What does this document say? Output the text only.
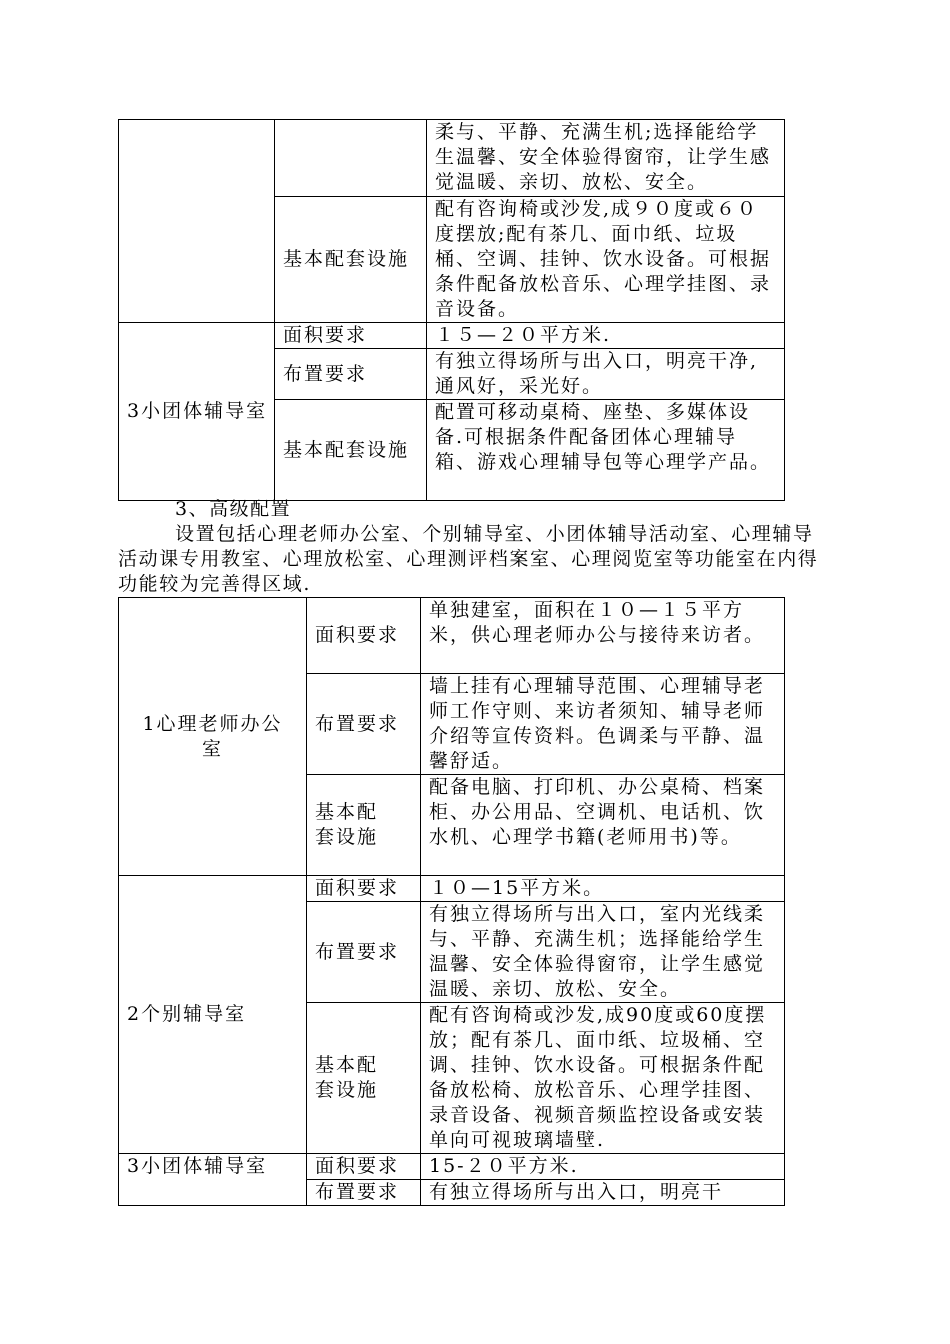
		柔与、平静、充满生机;选择能给学生温馨、安全体验得窗帘，让学生感觉温暖、亲切、放松、安全。
	基本配套设施	配有咨询椅或沙发,成９０度或６０度摆放;配有茶几、面巾纸、垃圾桶、空调、挂钟、饮水设备。可根据条件配备放松音乐、心理学挂图、录音设备。
3小团体辅导室	面积要求	１５—２０平方米.
	布置要求	有独立得场所与出入口，明亮干净,通风好，采光好。
	基本配套设施	配置可移动桌椅、座垫、多媒体设备.可根据条件配备团体心理辅导箱、游戏心理辅导包等心理学产品。
3、高级配置
设置包括心理老师办公室、个别辅导室、小团体辅导活动室、心理辅导活动课专用教室、心理放松室、心理测评档案室、心理阅览室等功能室在内得功能较为完善得区域.
1心理老师办公室	面积要求	单独建室，面积在１０—１５平方米，供心理老师办公与接待来访者。
	布置要求	墙上挂有心理辅导范围、心理辅导老师工作守则、来访者须知、辅导老师介绍等宣传资料。色调柔与平静、温馨舒适。
	基本配套设施	配备电脑、打印机、办公桌椅、档案柜、办公用品、空调机、电话机、饮水机、心理学书籍(老师用书)等。
2个别辅导室	面积要求	１０—15平方米。
	布置要求	有独立得场所与出入口，室内光线柔与、平静、充满生机；选择能给学生温馨、安全体验得窗帘，让学生感觉温暖、亲切、放松、安全。
	基本配套设施	配有咨询椅或沙发,成90度或60度摆放；配有茶几、面巾纸、垃圾桶、空调、挂钟、饮水设备。可根据条件配备放松椅、放松音乐、心理学挂图、录音设备、视频音频监控设备或安装单向可视玻璃墙壁.
3小团体辅导室	面积要求	15-２０平方米.
	布置要求	有独立得场所与出入口，明亮干
